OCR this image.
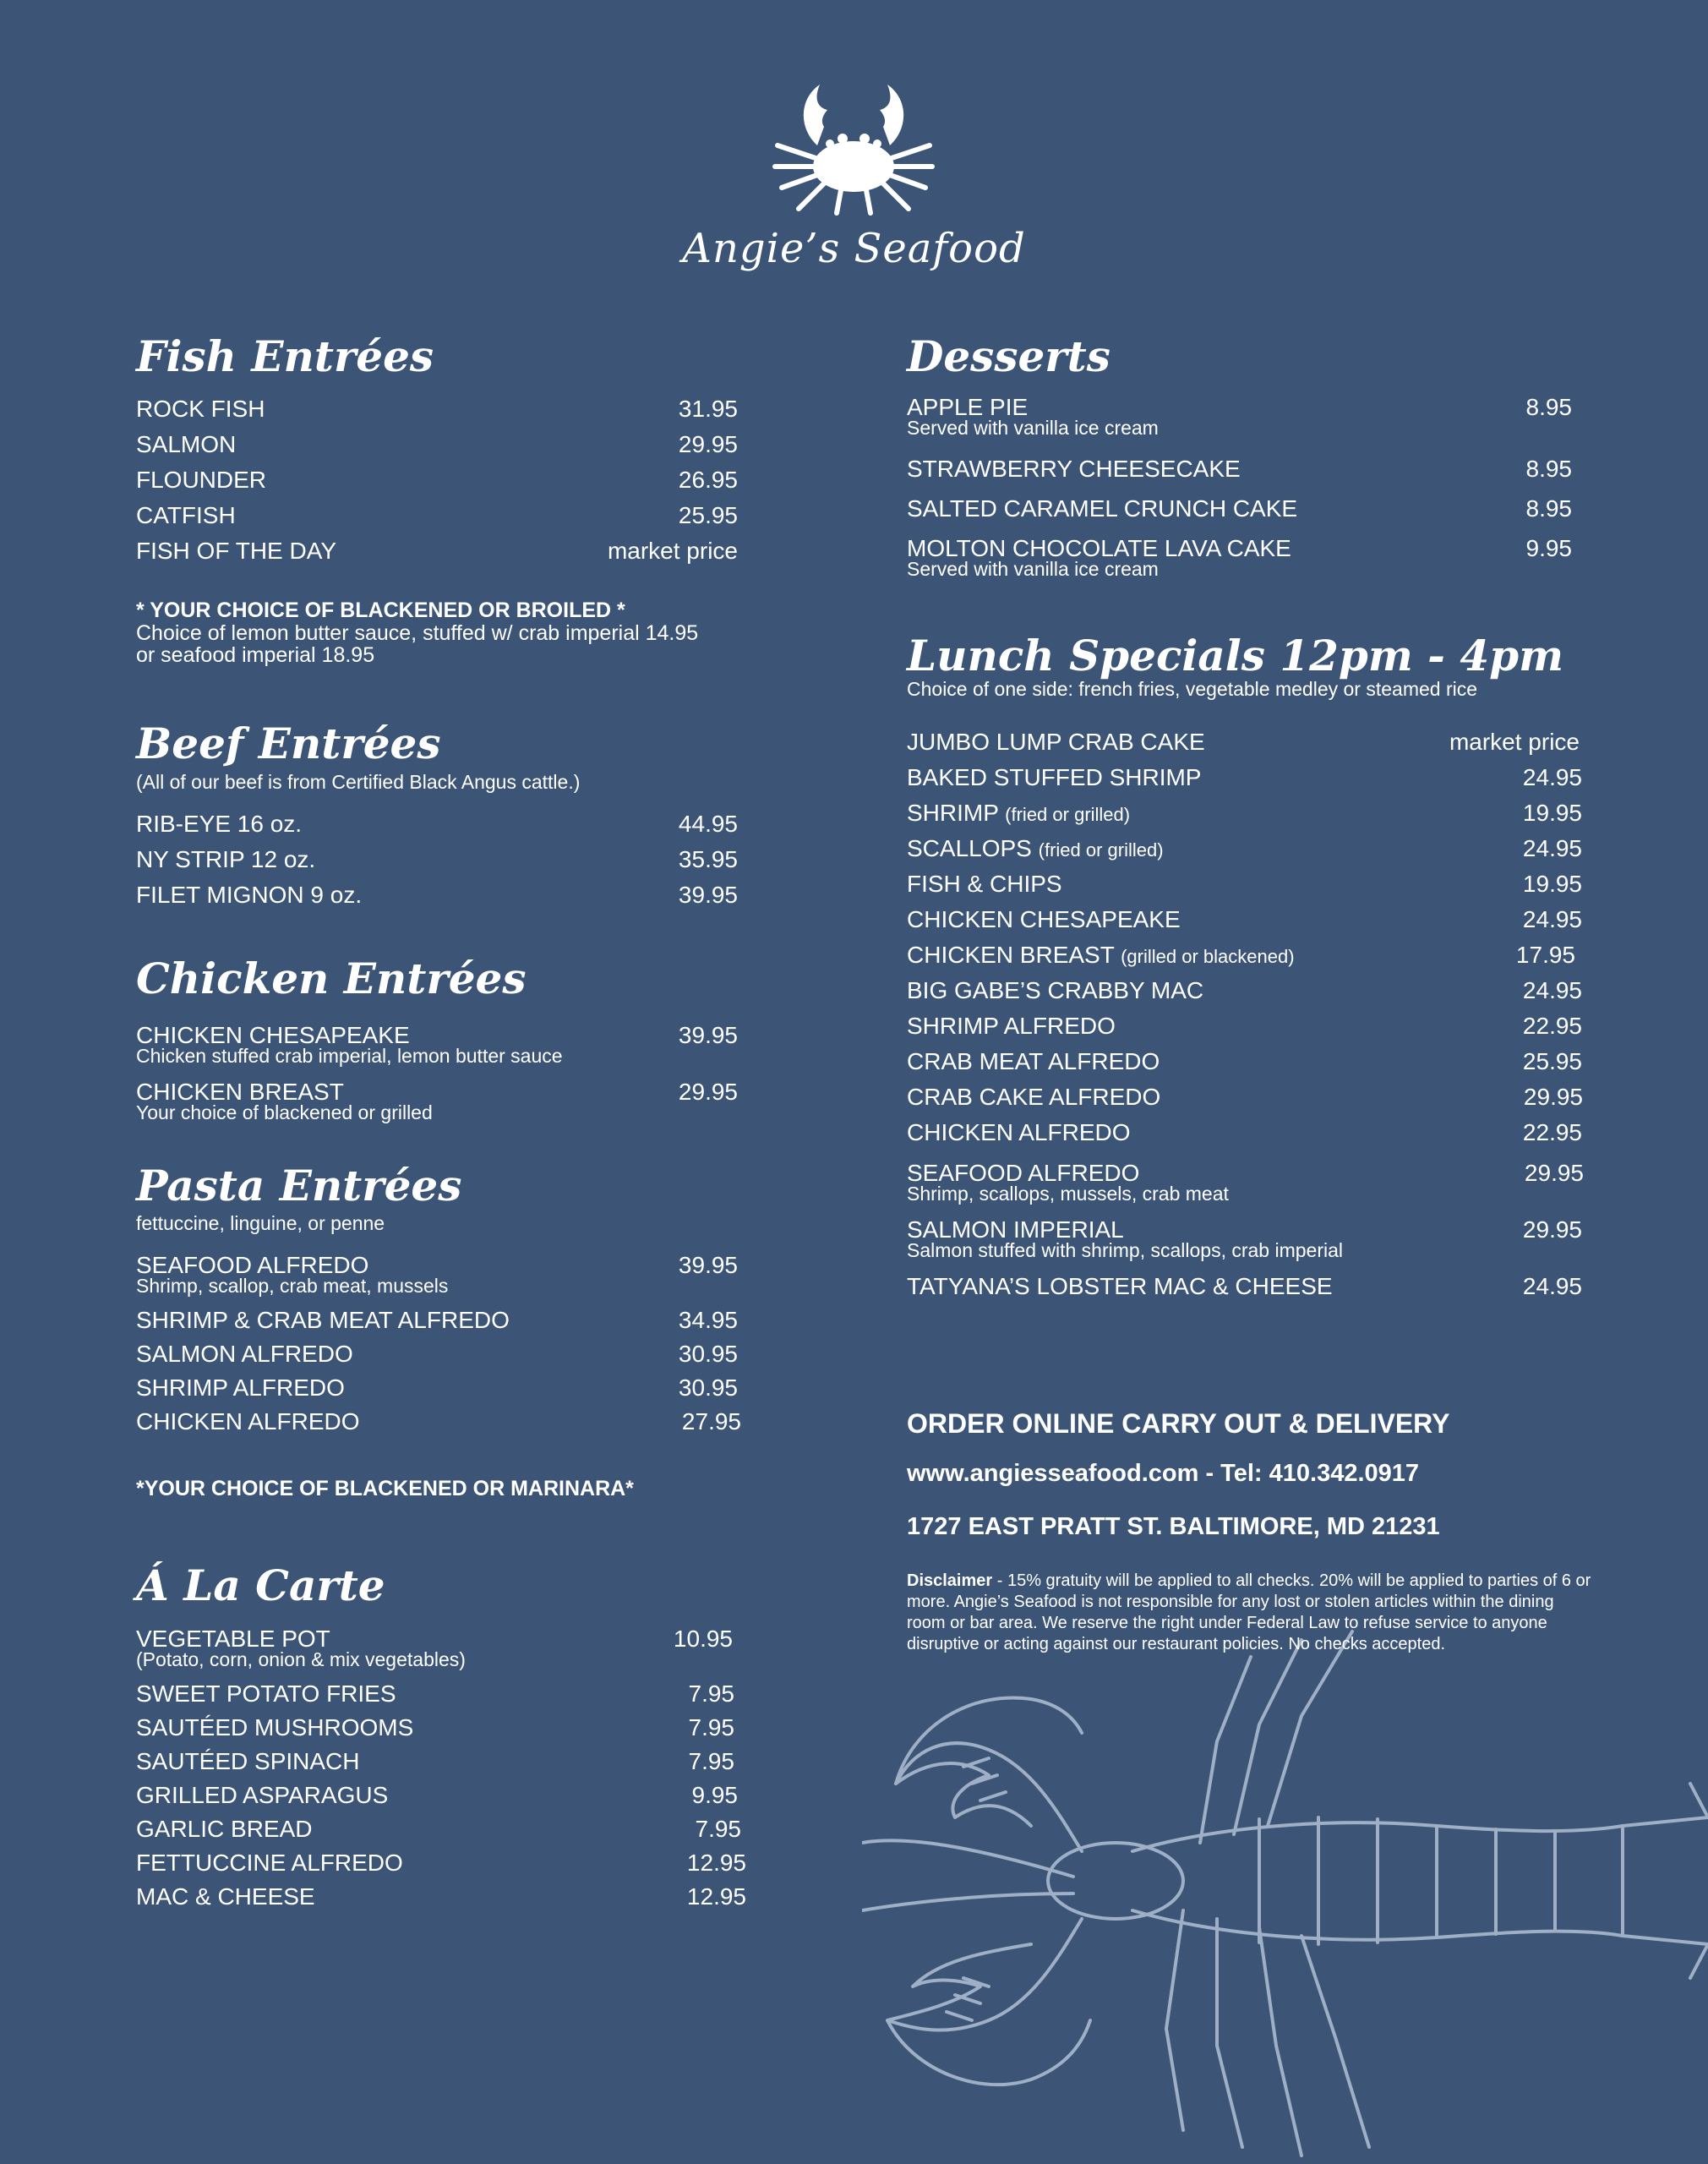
Angie’s Seafood
Fish Entrées
ROCK FISH	31.95
SALMON	29.95
FLOUNDER	26.95
CATFISH	25.95
FISH OF THE DAY	market price
* YOUR CHOICE OF BLACKENED OR BROILED *
Choice of lemon butter sauce, stuffed w/ crab imperial 14.95
or seafood imperial 18.95
Beef Entrées
(All of our beef is from Certified Black Angus cattle.)
RIB-EYE 16 oz.	44.95
NY STRIP 12 oz.	35.95
FILET MIGNON 9 oz.	39.95
Chicken Entrées
CHICKEN CHESAPEAKE	39.95
Chicken stuffed crab imperial, lemon butter sauce
CHICKEN BREAST	29.95
Your choice of blackened or grilled
Pasta Entrées
fettuccine, linguine, or penne
SEAFOOD ALFREDO	39.95
Shrimp, scallop, crab meat, mussels
SHRIMP & CRAB MEAT ALFREDO	34.95
SALMON ALFREDO	30.95
SHRIMP ALFREDO	30.95
CHICKEN ALFREDO	27.95
*YOUR CHOICE OF BLACKENED OR MARINARA*
Á La Carte
VEGETABLE POT	10.95
(Potato, corn, onion & mix vegetables)
SWEET POTATO FRIES	7.95
SAUTÉED MUSHROOMS	7.95
SAUTÉED SPINACH	7.95
GRILLED ASPARAGUS	9.95
GARLIC BREAD	7.95
FETTUCCINE ALFREDO	12.95
MAC & CHEESE	12.95
Desserts
APPLE PIE	8.95
Served with vanilla ice cream
STRAWBERRY CHEESECAKE	8.95
SALTED CARAMEL CRUNCH CAKE	8.95
MOLTON CHOCOLATE LAVA CAKE	9.95
Served with vanilla ice cream
Lunch Specials 12pm - 4pm
Choice of one side: french fries, vegetable medley or steamed rice
JUMBO LUMP CRAB CAKE	market price
BAKED STUFFED SHRIMP	24.95
SHRIMP (fried or grilled)	19.95
SCALLOPS (fried or grilled)	24.95
FISH & CHIPS	19.95
CHICKEN CHESAPEAKE	24.95
CHICKEN BREAST (grilled or blackened)	17.95
BIG GABE’S CRABBY MAC	24.95
SHRIMP ALFREDO	22.95
CRAB MEAT ALFREDO	25.95
CRAB CAKE ALFREDO	29.95
CHICKEN ALFREDO	22.95
SEAFOOD ALFREDO	29.95
Shrimp, scallops, mussels, crab meat
SALMON IMPERIAL	29.95
Salmon stuffed with shrimp, scallops, crab imperial
TATYANA’S LOBSTER MAC & CHEESE	24.95
ORDER ONLINE CARRY OUT & DELIVERY
www.angiesseafood.com - Tel: 410.342.0917
1727 EAST PRATT ST. BALTIMORE, MD 21231
Disclaimer - 15% gratuity will be applied to all checks. 20% will be applied to parties of 6 or more. Angie’s Seafood is not responsible for any lost or stolen articles within the dining room or bar area. We reserve the right under Federal Law to refuse service to anyone disruptive or acting against our restaurant policies. No checks accepted.
